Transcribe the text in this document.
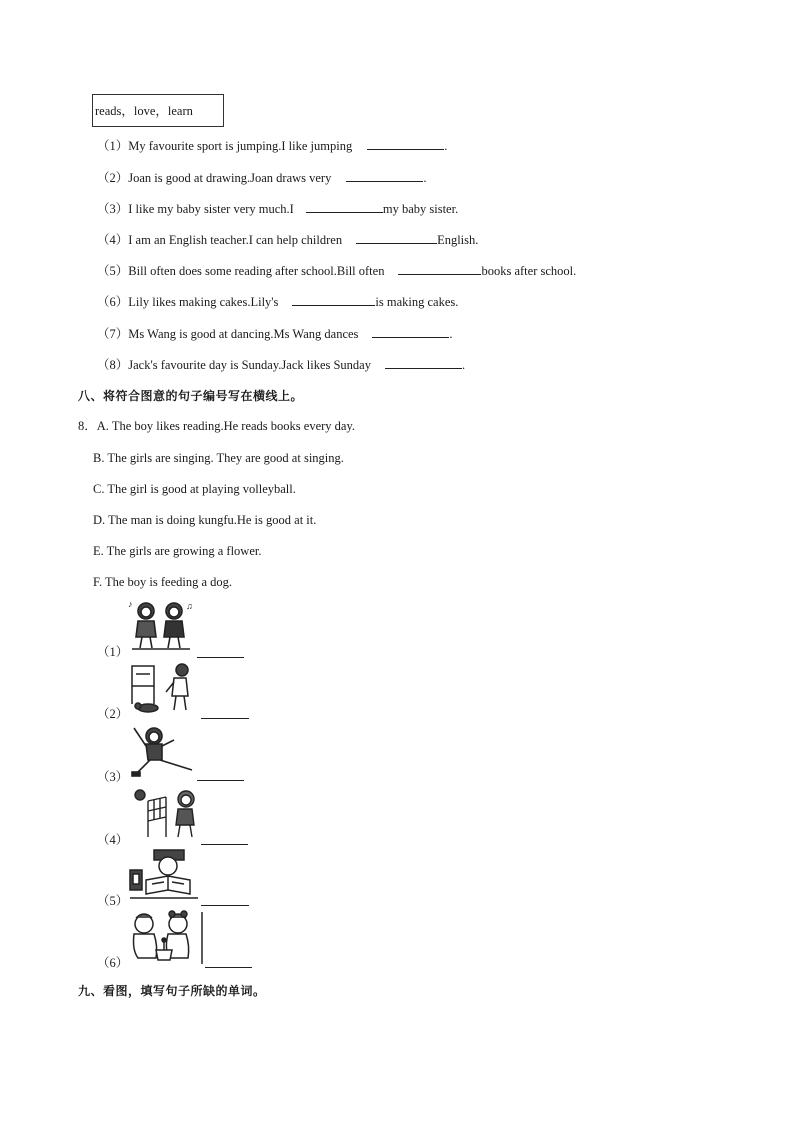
reads，love，learn
（1）My favourite sport is jumping.I like jumping	.
（2）Joan is good at drawing.Joan draws very	.
（3）I like my baby sister very much.I	my baby sister.
（4）I am an English teacher.I can help children	English.
（5）Bill often does some reading after school.Bill often	books after school.
（6）Lily likes making cakes.Lily's	is making cakes.
（7）Ms Wang is good at dancing.Ms Wang dances	.
（8）Jack's favourite day is Sunday.Jack likes Sunday	.
八、将符合图意的句子编号写在横线上。
8．A. The boy likes reading.He reads books every day.
B. The girls are singing. They are good at singing.
C. The girl is good at playing volleyball.
D. The man is doing kungfu.He is good at it.
E. The girls are growing a flower.
F. The boy is feeding a dog.
（1）
♪	♫
（2）
（3）
（4）
（5）
（6）
九、看图，填写句子所缺的单词。
